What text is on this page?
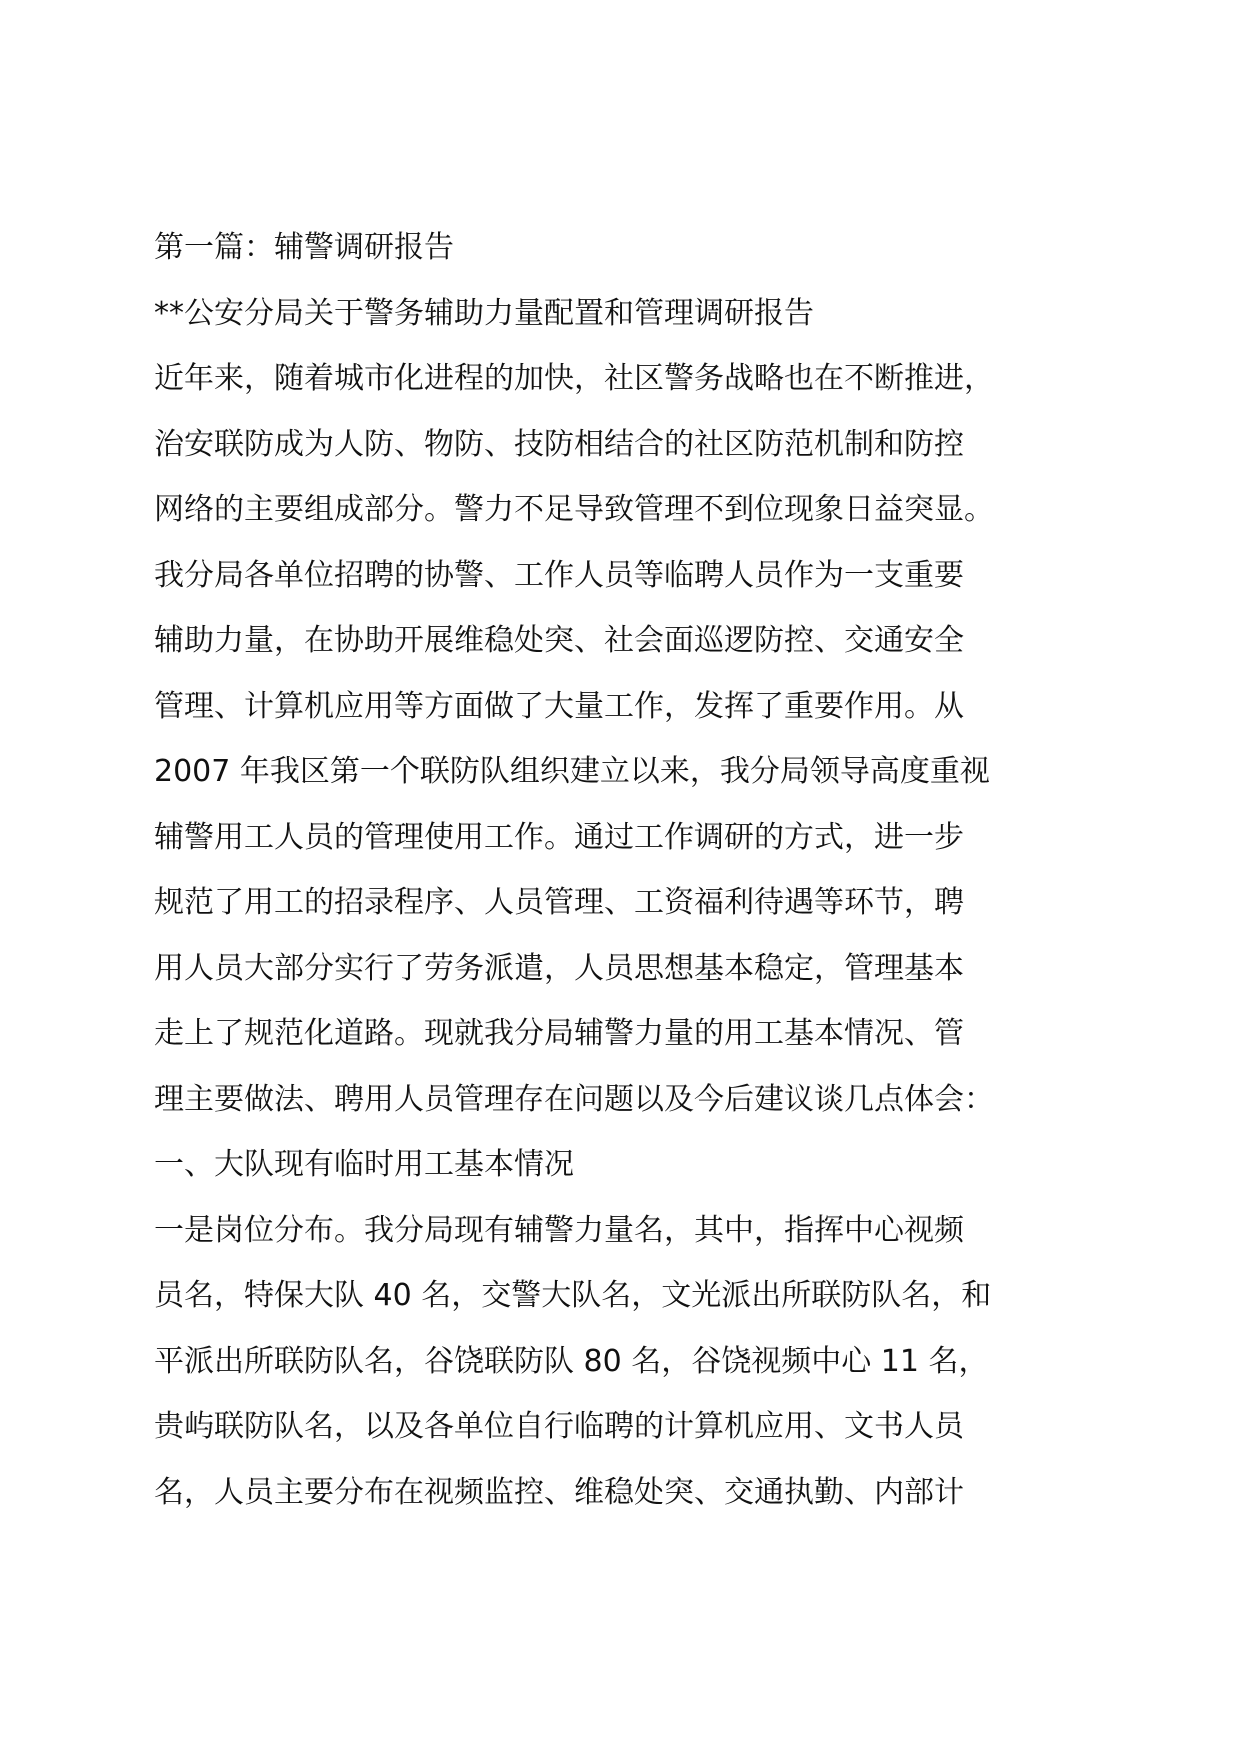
第一篇：辅警调研报告
**公安分局关于警务辅助力量配置和管理调研报告
近年来，随着城市化进程的加快，社区警务战略也在不断推进，
治安联防成为人防、物防、技防相结合的社区防范机制和防控
网络的主要组成部分。警力不足导致管理不到位现象日益突显。
我分局各单位招聘的协警、工作人员等临聘人员作为一支重要
辅助力量，在协助开展维稳处突、社会面巡逻防控、交通安全
管理、计算机应用等方面做了大量工作，发挥了重要作用。从
2007 年我区第一个联防队组织建立以来，我分局领导高度重视
辅警用工人员的管理使用工作。通过工作调研的方式，进一步
规范了用工的招录程序、人员管理、工资福利待遇等环节，聘
用人员大部分实行了劳务派遣，人员思想基本稳定，管理基本
走上了规范化道路。现就我分局辅警力量的用工基本情况、管
理主要做法、聘用人员管理存在问题以及今后建议谈几点体会：
一、大队现有临时用工基本情况
一是岗位分布。我分局现有辅警力量名，其中，指挥中心视频
员名，特保大队 40 名，交警大队名，文光派出所联防队名，和
平派出所联防队名，谷饶联防队 80 名，谷饶视频中心 11 名，
贵屿联防队名，以及各单位自行临聘的计算机应用、文书人员
名，人员主要分布在视频监控、维稳处突、交通执勤、内部计
